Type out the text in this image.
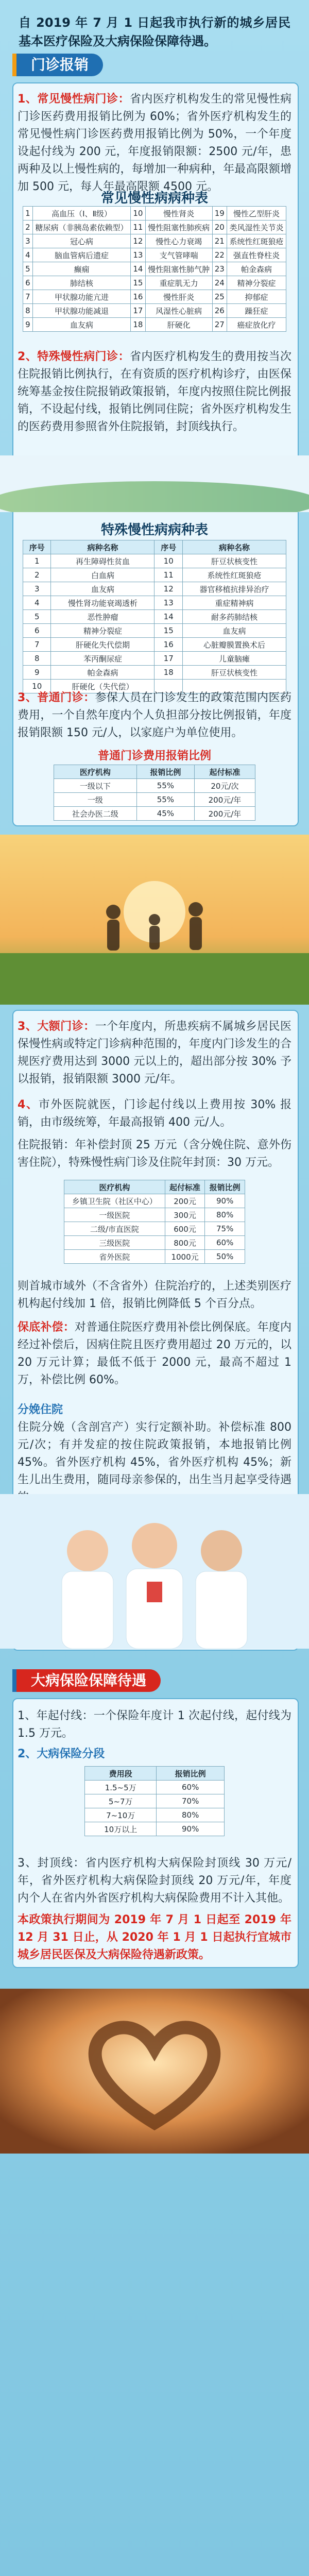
自 2019 年 7 月 1 日起我市执行新的城乡居民基本医疗保险及大病保险保障待遇。
门诊报销
1、常见慢性病门诊：省内医疗机构发生的常见慢性病门诊医药费用报销比例为 60%；省外医疗机构发生的常见慢性病门诊医药费用报销比例为 50%，一个年度设起付线为 200 元，年度报销限额：2500 元/年，患两种及以上慢性病的，每增加一种病种，年最高限额增加 500 元，每人年最高限额 4500 元。
常见慢性病病种表
1	高血压（Ⅰ、Ⅱ级）	10	慢性肾炎	19	慢性乙型肝炎
2	糖尿病（非胰岛素依赖型）	11	慢性阻塞性肺疾病	20	类风湿性关节炎
3	冠心病	12	慢性心力衰竭	21	系统性红斑狼疮
4	脑血管病后遗症	13	支气管哮喘	22	强直性脊柱炎
5	癫痫	14	慢性阻塞性肺气肿	23	帕金森病
6	肺结核	15	重症肌无力	24	精神分裂症
7	甲状腺功能亢进	16	慢性肝炎	25	抑郁症
8	甲状腺功能减退	17	风湿性心脏病	26	躁狂症
9	血友病	18	肝硬化	27	癌症放化疗
2、特殊慢性病门诊：省内医疗机构发生的费用按当次住院报销比例执行，在有资质的医疗机构诊疗，由医保统筹基金按住院报销政策报销，年度内按照住院比例报销，不设起付线，报销比例同住院；省外医疗机构发生的医药费用参照省外住院报销，封顶线执行。
特殊慢性病病种表
序号	病种名称	序号	病种名称
1	再生障碍性贫血	10	肝豆状核变性
2	白血病	11	系统性红斑狼疮
3	血友病	12	器官移植抗排异治疗
4	慢性肾功能衰竭透析	13	重症精神病
5	恶性肿瘤	14	耐多药肺结核
6	精神分裂症	15	血友病
7	肝硬化失代偿期	16	心脏瓣膜置换术后
8	苯丙酮尿症	17	儿童脑瘫
9	帕金森病	18	肝豆状核变性
10	肝硬化（失代偿）		
3、普通门诊：参保人员在门诊发生的政策范围内医药费用，一个自然年度内个人负担部分按比例报销，年度报销限额 150 元/人，以家庭户为单位使用。
普通门诊费用报销比例
医疗机构	报销比例	起付标准
一级以下	55%	20元/次
一级	55%	200元/年
社会办医二级	45%	200元/年
3、大额门诊：一个年度内，所患疾病不属城乡居民医保慢性病或特定门诊病种范围的，年度内门诊发生的合规医疗费用达到 3000 元以上的，超出部分按 30% 予以报销，报销限额 3000 元/年。
4、市外医院就医，门诊起付线以上费用按 30% 报销，由市级统筹，年最高报销 400 元/人。
住院报销：年补偿封顶 25 万元（含分娩住院、意外伤害住院），特殊慢性病门诊及住院年封顶：30 万元。
医疗机构	起付标准	报销比例
乡镇卫生院（社区中心）	200元	90%
一级医院	300元	80%
二级/市直医院	600元	75%
三级医院	800元	60%
省外医院	1000元	50%
则首城市域外（不含省外）住院治疗的，上述类别医疗机构起付线加 1 倍，报销比例降低 5 个百分点。
保底补偿：对普通住院医疗费用补偿比例保底。年度内经过补偿后，因病住院且医疗费用超过 20 万元的，以 20 万元计算；最低不低于 2000 元，最高不超过 1 万，补偿比例 60%。
分娩住院
住院分娩（含剖宫产）实行定额补助。补偿标准 800 元/次；有并发症的按住院政策报销，本地报销比例 45%。省外医疗机构 45%，省外医疗机构 45%；新生儿出生费用，随同母亲参保的，出生当月起享受待遇
大病保险保障待遇
1、年起付线：一个保险年度计 1 次起付线，起付线为 1.5 万元。
2、大病保险分段
费用段	报销比例
1.5~5万	60%
5~7万	70%
7~10万	80%
10万以上	90%
3、封顶线：省内医疗机构大病保险封顶线 30 万元/年，省外医疗机构大病保险封顶线 20 万元/年，年度内个人在省内外省医疗机构大病保险费用不计入其他。
本政策执行期间为 2019 年 7 月 1 日起至 2019 年 12 月 31 日止，从 2020 年 1 月 1 日起执行宜城市城乡居民医保及大病保险待遇新政策。
